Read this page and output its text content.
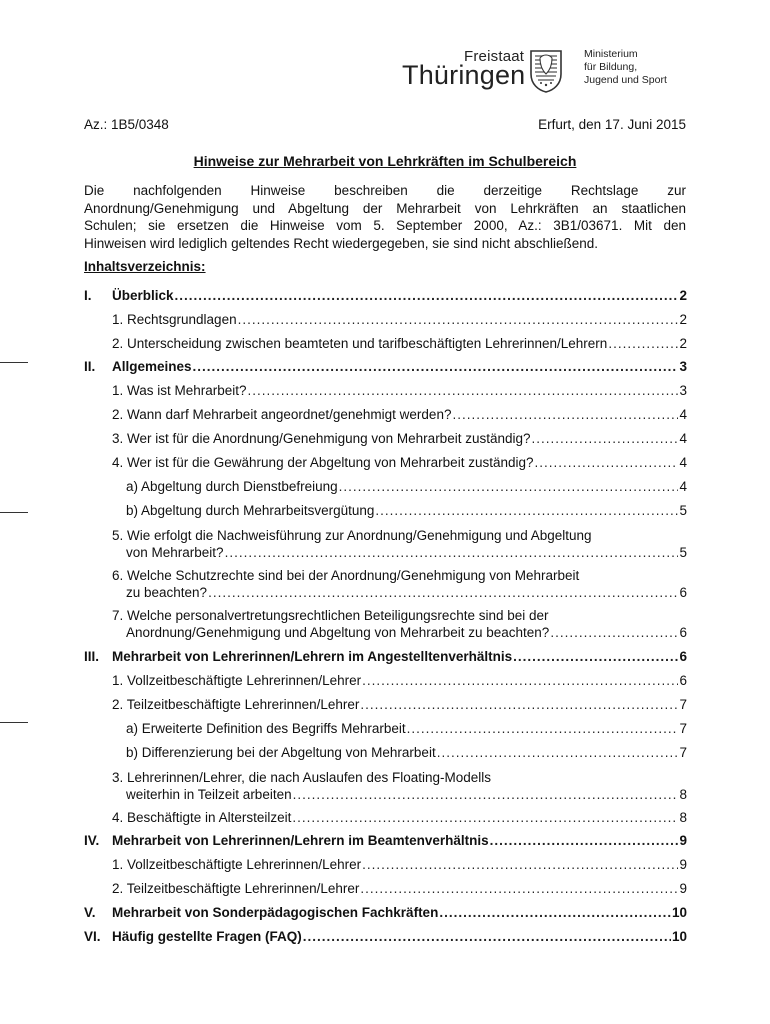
Freistaat
Thüringen
Ministerium
für Bildung,
Jugend und Sport
Az.: 1B5/0348	Erfurt, den 17. Juni 2015
Hinweise zur Mehrarbeit von Lehrkräften im Schulbereich

Die nachfolgenden Hinweise beschreiben die derzeitige Rechtslage zur
Anordnung/Genehmigung und Abgeltung der Mehrarbeit von Lehrkräften an staatlichen
Schulen; sie ersetzen die Hinweise vom 5. September 2000, Az.: 3B1/03671. Mit den
Hinweisen wird lediglich geltendes Recht wiedergegeben, sie sind nicht abschließend.

Inhaltsverzeichnis:
I.	Überblick .....	2
1. Rechtsgrundlagen .....	2
2. Unterscheidung zwischen beamteten und tarifbeschäftigten Lehrerinnen/Lehrern .....	2
II.	Allgemeines .....	3
1. Was ist Mehrarbeit? .....	3
2. Wann darf Mehrarbeit angeordnet/genehmigt werden? .....	4
3. Wer ist für die Anordnung/Genehmigung von Mehrarbeit zuständig? .....	4
4. Wer ist für die Gewährung der Abgeltung von Mehrarbeit zuständig? .....	4
a) Abgeltung durch Dienstbefreiung .....	4
b) Abgeltung durch Mehrarbeitsvergütung .....	5
5. Wie erfolgt die Nachweisführung zur Anordnung/Genehmigung und Abgeltung
von Mehrarbeit? .....	5
6. Welche Schutzrechte sind bei der Anordnung/Genehmigung von Mehrarbeit
zu beachten? .....	6
7. Welche personalvertretungsrechtlichen Beteiligungsrechte sind bei der
Anordnung/Genehmigung und Abgeltung von Mehrarbeit zu beachten? .....	6
III. Mehrarbeit von Lehrerinnen/Lehrern im Angestelltenverhältnis .....	6
1. Vollzeitbeschäftigte Lehrerinnen/Lehrer .....	6
2. Teilzeitbeschäftigte Lehrerinnen/Lehrer .....	7
a) Erweiterte Definition des Begriffs Mehrarbeit .....	7
b) Differenzierung bei der Abgeltung von Mehrarbeit .....	7
3. Lehrerinnen/Lehrer, die nach Auslaufen des Floating-Modells
weiterhin in Teilzeit arbeiten .....	8
4. Beschäftigte in Altersteilzeit .....	8
IV. Mehrarbeit von Lehrerinnen/Lehrern im Beamtenverhältnis .....	9
1. Vollzeitbeschäftigte Lehrerinnen/Lehrer .....	9
2. Teilzeitbeschäftigte Lehrerinnen/Lehrer .....	9
V.	Mehrarbeit von Sonderpädagogischen Fachkräften .....	10
VI. Häufig gestellte Fragen (FAQ) .....	10
